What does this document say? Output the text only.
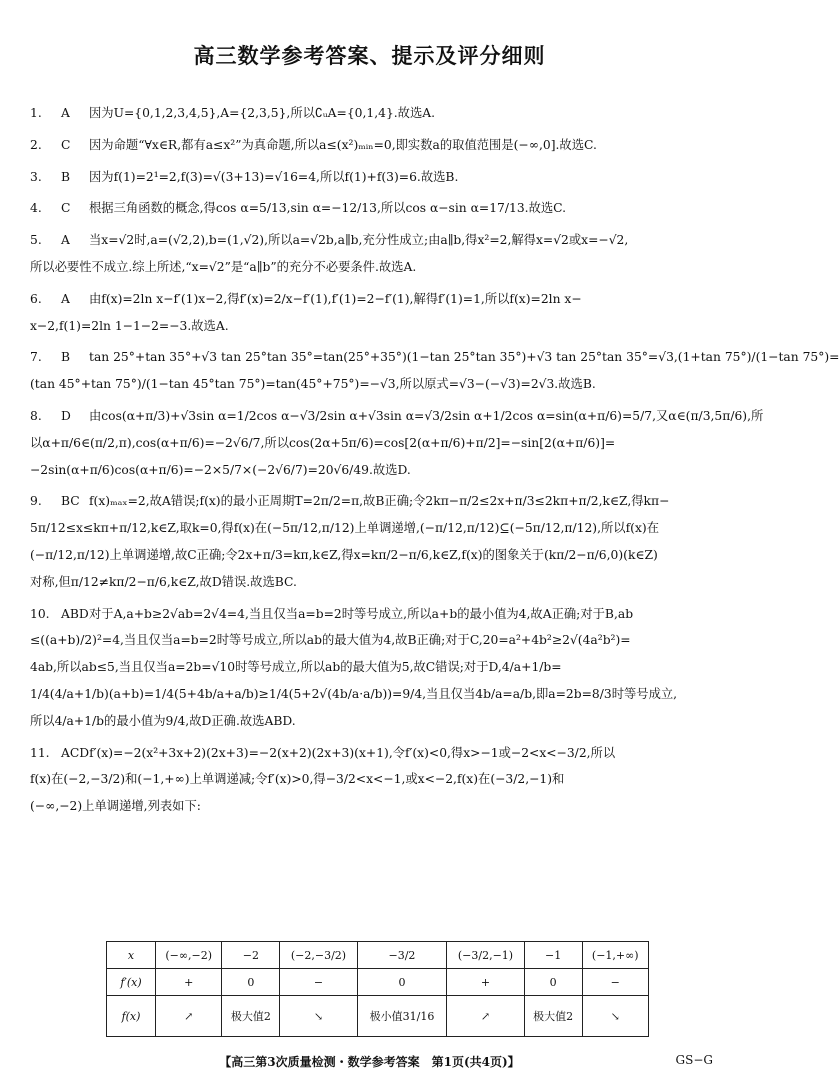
高三数学参考答案、提示及评分细则
1. A 因为U={0,1,2,3,4,5},A={2,3,5},所以∁ᵤA={0,1,4}.故选A.
2. C 因为命题“∀x∈R,都有a≤x²”为真命题,所以a≤(x²)ₘᵢₙ=0,即实数a的取值范围是(−∞,0].故选C.
3. B 因为f(1)=2¹=2,f(3)=√(3+13)=√16=4,所以f(1)+f(3)=6.故选B.
4. C 根据三角函数的概念,得cos α=5/13,sin α=−12/13,所以cos α−sin α=17/13.故选C.
5. A 当x=√2时,a=(√2,2),b=(1,√2),所以a=√2b,a∥b,充分性成立;由a∥b,得x²=2,解得x=√2或x=−√2,
所以必要性不成立.综上所述,“x=√2”是“a∥b”的充分不必要条件.故选A.
6. A 由f(x)=2ln x−f′(1)x−2,得f′(x)=2/x−f′(1),f′(1)=2−f′(1),解得f′(1)=1,所以f(x)=2ln x−
x−2,f(1)=2ln 1−1−2=−3.故选A.
7. B tan 25°+tan 35°+√3 tan 25°tan 35°=tan(25°+35°)(1−tan 25°tan 35°)+√3 tan 25°tan 35°=√3,(1+tan 75°)/(1−tan 75°)=
(tan 45°+tan 75°)/(1−tan 45°tan 75°)=tan(45°+75°)=−√3,所以原式=√3−(−√3)=2√3.故选B.
8. D 由cos(α+π/3)+√3sin α=1/2cos α−√3/2sin α+√3sin α=√3/2sin α+1/2cos α=sin(α+π/6)=5/7,又α∈(π/3,5π/6),所
以α+π/6∈(π/2,π),cos(α+π/6)=−2√6/7,所以cos(2α+5π/6)=cos[2(α+π/6)+π/2]=−sin[2(α+π/6)]=
−2sin(α+π/6)cos(α+π/6)=−2×5/7×(−2√6/7)=20√6/49.故选D.
9. BC f(x)ₘₐₓ=2,故A错误;f(x)的最小正周期T=2π/2=π,故B正确;令2kπ−π/2≤2x+π/3≤2kπ+π/2,k∈Z,得kπ−
5π/12≤x≤kπ+π/12,k∈Z,取k=0,得f(x)在(−5π/12,π/12)上单调递增,(−π/12,π/12)⊆(−5π/12,π/12),所以f(x)在
(−π/12,π/12)上单调递增,故C正确;令2x+π/3=kπ,k∈Z,得x=kπ/2−π/6,k∈Z,f(x)的图象关于(kπ/2−π/6,0)(k∈Z)
对称,但π/12≠kπ/2−π/6,k∈Z,故D错误.故选BC.
10. ABD对于A,a+b≥2√ab=2√4=4,当且仅当a=b=2时等号成立,所以a+b的最小值为4,故A正确;对于B,ab
≤((a+b)/2)²=4,当且仅当a=b=2时等号成立,所以ab的最大值为4,故B正确;对于C,20=a²+4b²≥2√(4a²b²)=
4ab,所以ab≤5,当且仅当a=2b=√10时等号成立,所以ab的最大值为5,故C错误;对于D,4/a+1/b=
1/4(4/a+1/b)(a+b)=1/4(5+4b/a+a/b)≥1/4(5+2√(4b/a·a/b))=9/4,当且仅当4b/a=a/b,即a=2b=8/3时等号成立,
所以4/a+1/b的最小值为9/4,故D正确.故选ABD.
11. ACDf′(x)=−2(x²+3x+2)(2x+3)=−2(x+2)(2x+3)(x+1),令f′(x)<0,得x>−1或−2<x<−3/2,所以
f(x)在(−2,−3/2)和(−1,+∞)上单调递减;令f′(x)>0,得−3/2<x<−1,或x<−2,f(x)在(−3/2,−1)和
(−∞,−2)上单调递增,列表如下:
x	(−∞,−2)	−2	(−2,−3/2)	−3/2	(−3/2,−1)	−1	(−1,+∞)
f′(x)	+	0	−	0	+	0	−
f(x)	↗	极大值2	↘	极小值31/16	↗	极大值2	↘
【高三第3次质量检测・数学参考答案　第1页(共4页)】	GS−G
